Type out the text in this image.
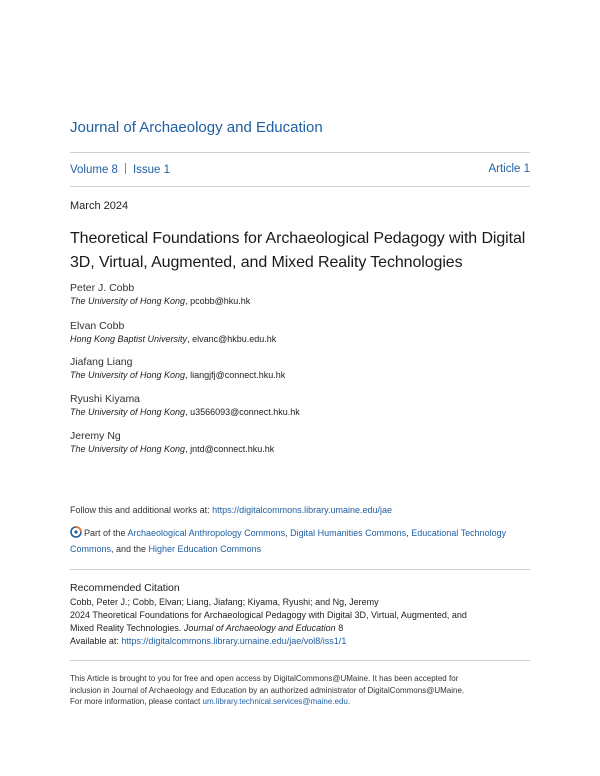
Journal of Archaeology and Education
Volume 8 Issue 1	Article 1
March 2024
Theoretical Foundations for Archaeological Pedagogy with Digital 3D, Virtual, Augmented, and Mixed Reality Technologies
Peter J. Cobb
The University of Hong Kong, pcobb@hku.hk
Elvan Cobb
Hong Kong Baptist University, elvanc@hkbu.edu.hk
Jiafang Liang
The University of Hong Kong, liangjfj@connect.hku.hk
Ryushi Kiyama
The University of Hong Kong, u3566093@connect.hku.hk
Jeremy Ng
The University of Hong Kong, jntd@connect.hku.hk
Follow this and additional works at: https://digitalcommons.library.umaine.edu/jae
Part of the Archaeological Anthropology Commons, Digital Humanities Commons, Educational Technology Commons, and the Higher Education Commons
Recommended Citation
Cobb, Peter J.; Cobb, Elvan; Liang, Jiafang; Kiyama, Ryushi; and Ng, Jeremy
2024 Theoretical Foundations for Archaeological Pedagogy with Digital 3D, Virtual, Augmented, and
Mixed Reality Technologies. Journal of Archaeology and Education 8
Available at: https://digitalcommons.library.umaine.edu/jae/vol8/iss1/1
This Article is brought to you for free and open access by DigitalCommons@UMaine. It has been accepted for
inclusion in Journal of Archaeology and Education by an authorized administrator of DigitalCommons@UMaine.
For more information, please contact um.library.technical.services@maine.edu.
